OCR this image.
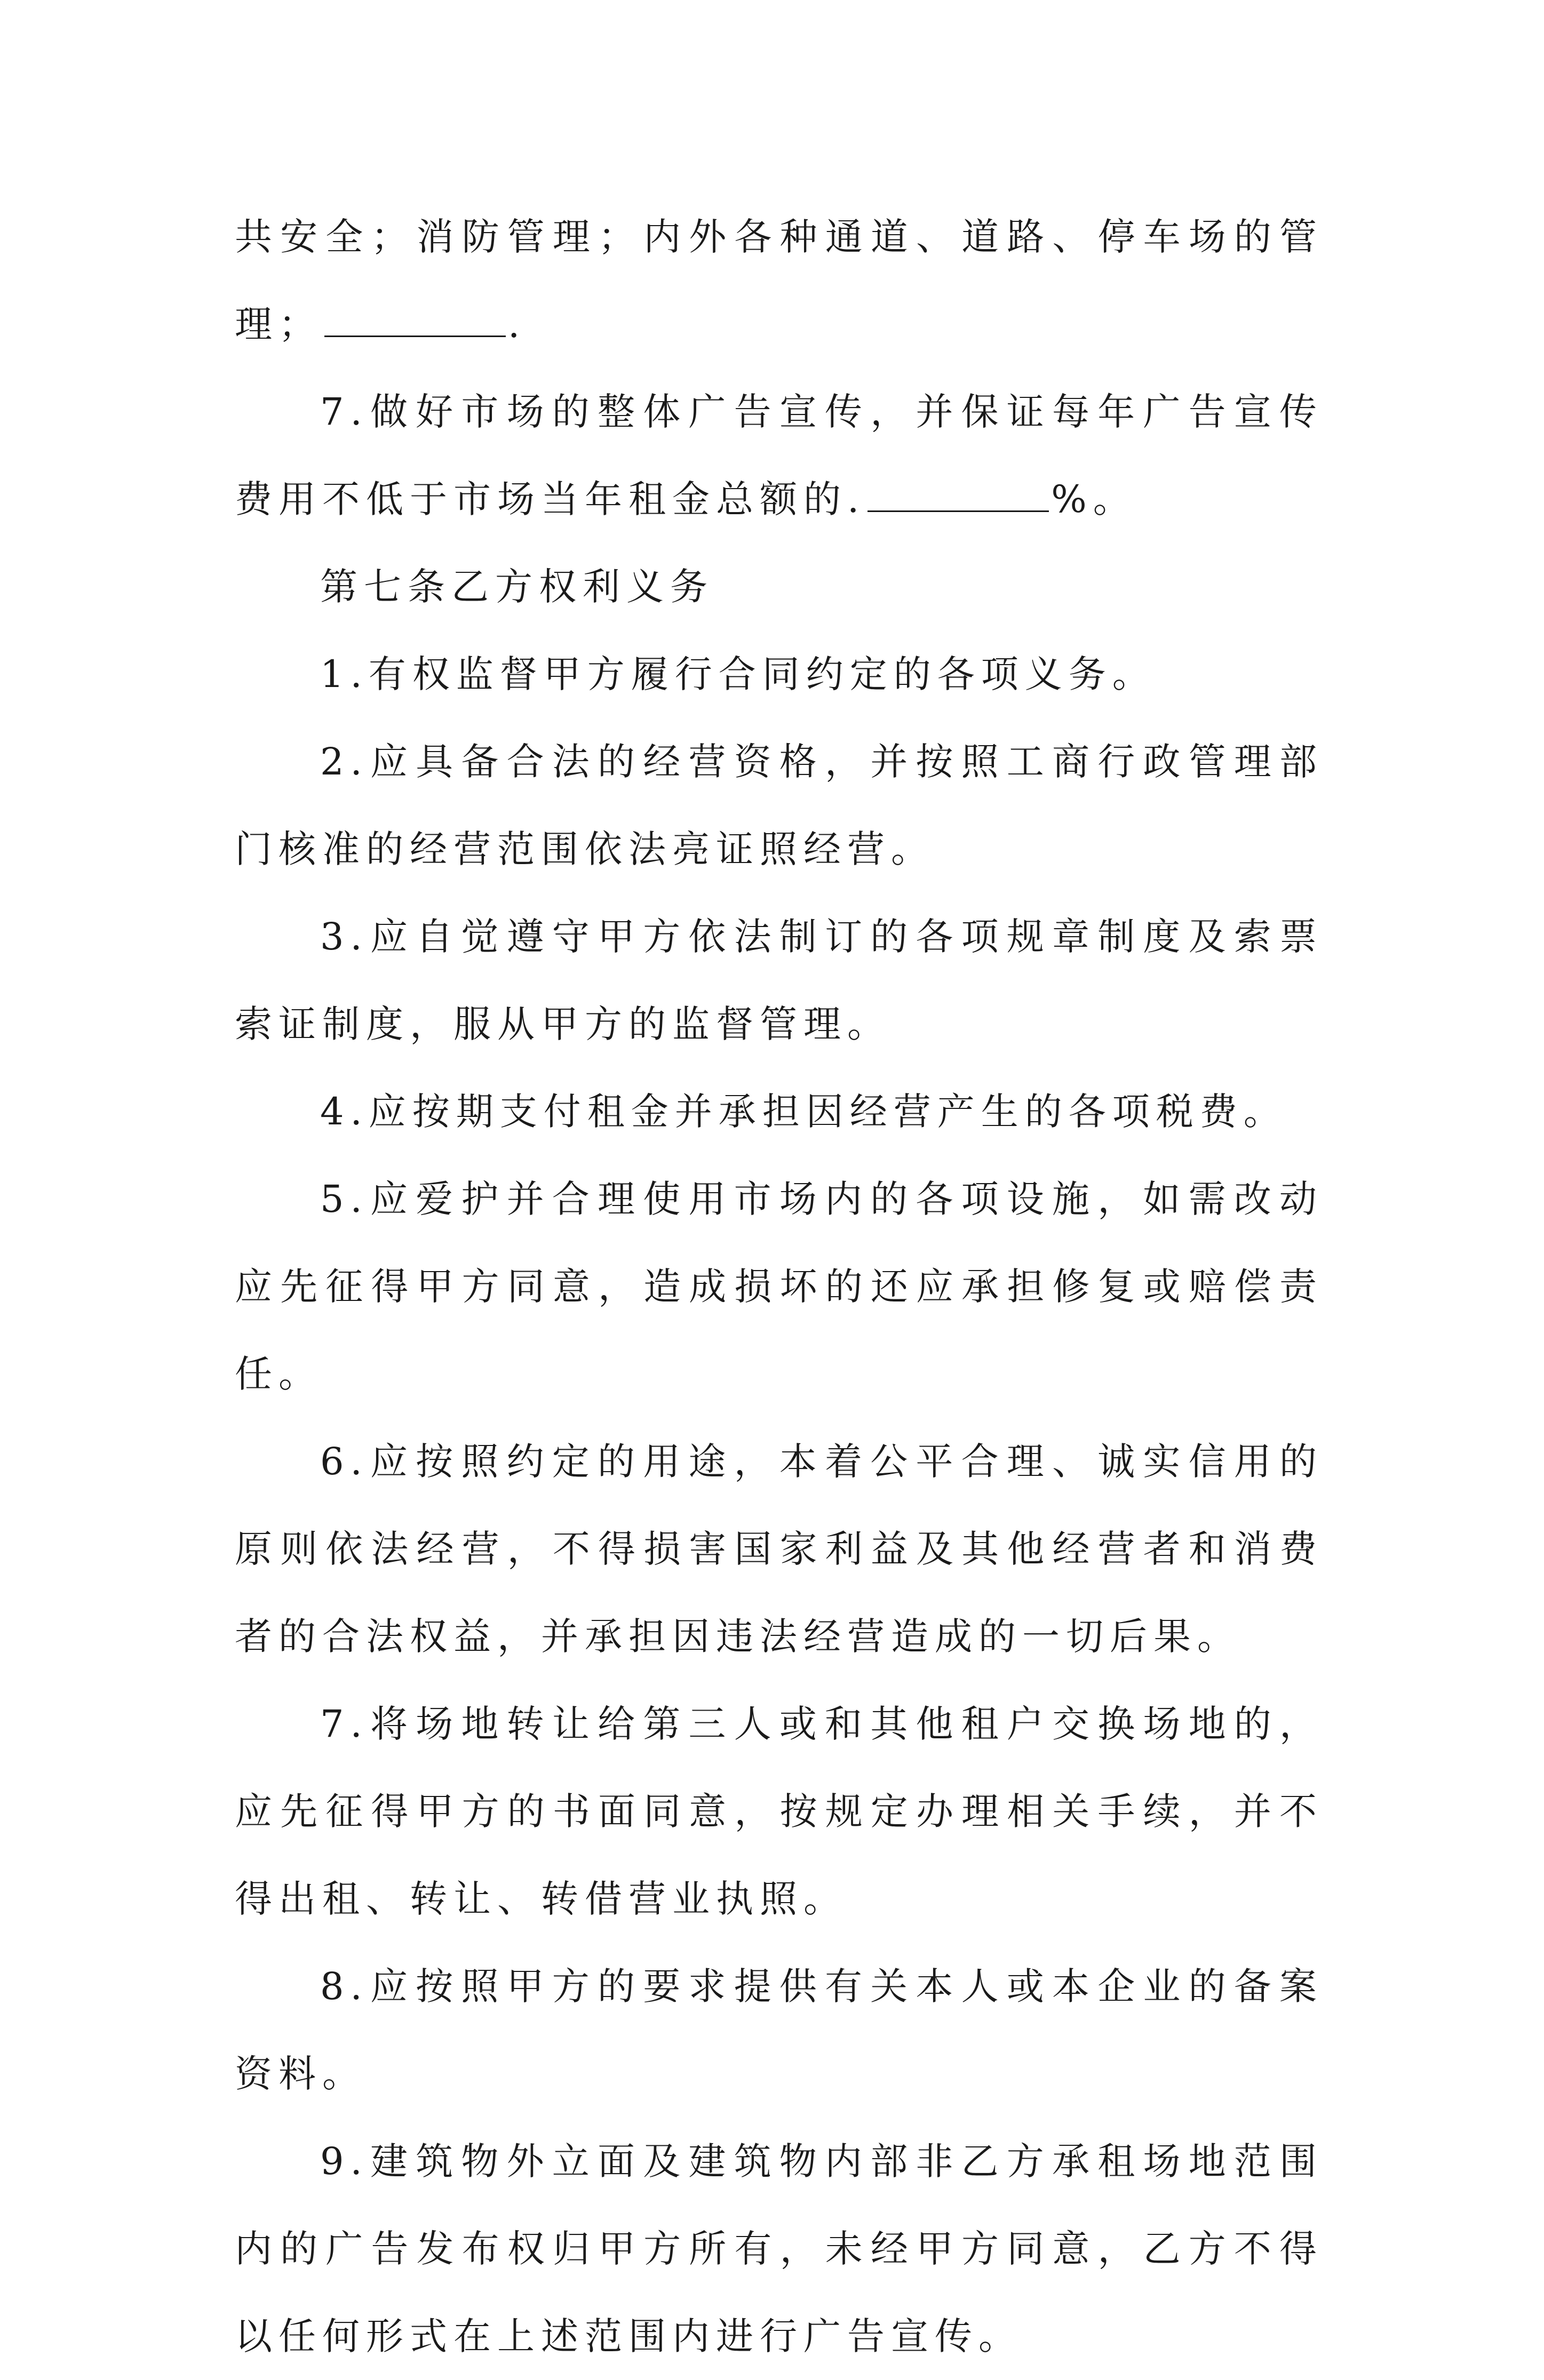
共安全；消防管理；内外各种通道、道路、停车场的管理；	.

7.做好市场的整体广告宣传，并保证每年广告宣传费用不低于市场当年租金总额的.	%。

第七条乙方权利义务

1.有权监督甲方履行合同约定的各项义务。

2.应具备合法的经营资格，并按照工商行政管理部门核准的经营范围依法亮证照经营。

3.应自觉遵守甲方依法制订的各项规章制度及索票索证制度，服从甲方的监督管理。

4.应按期支付租金并承担因经营产生的各项税费。

5.应爱护并合理使用市场内的各项设施，如需改动应先征得甲方同意，造成损坏的还应承担修复或赔偿责任。

6.应按照约定的用途，本着公平合理、诚实信用的原则依法经营，不得损害国家利益及其他经营者和消费者的合法权益，并承担因违法经营造成的一切后果。

7.将场地转让给第三人或和其他租户交换场地的，应先征得甲方的书面同意，按规定办理相关手续，并不得出租、转让、转借营业执照。

8.应按照甲方的要求提供有关本人或本企业的备案资料。

9.建筑物外立面及建筑物内部非乙方承租场地范围内的广告发布权归甲方所有，未经甲方同意，乙方不得以任何形式在上述范围内进行广告宣传。
